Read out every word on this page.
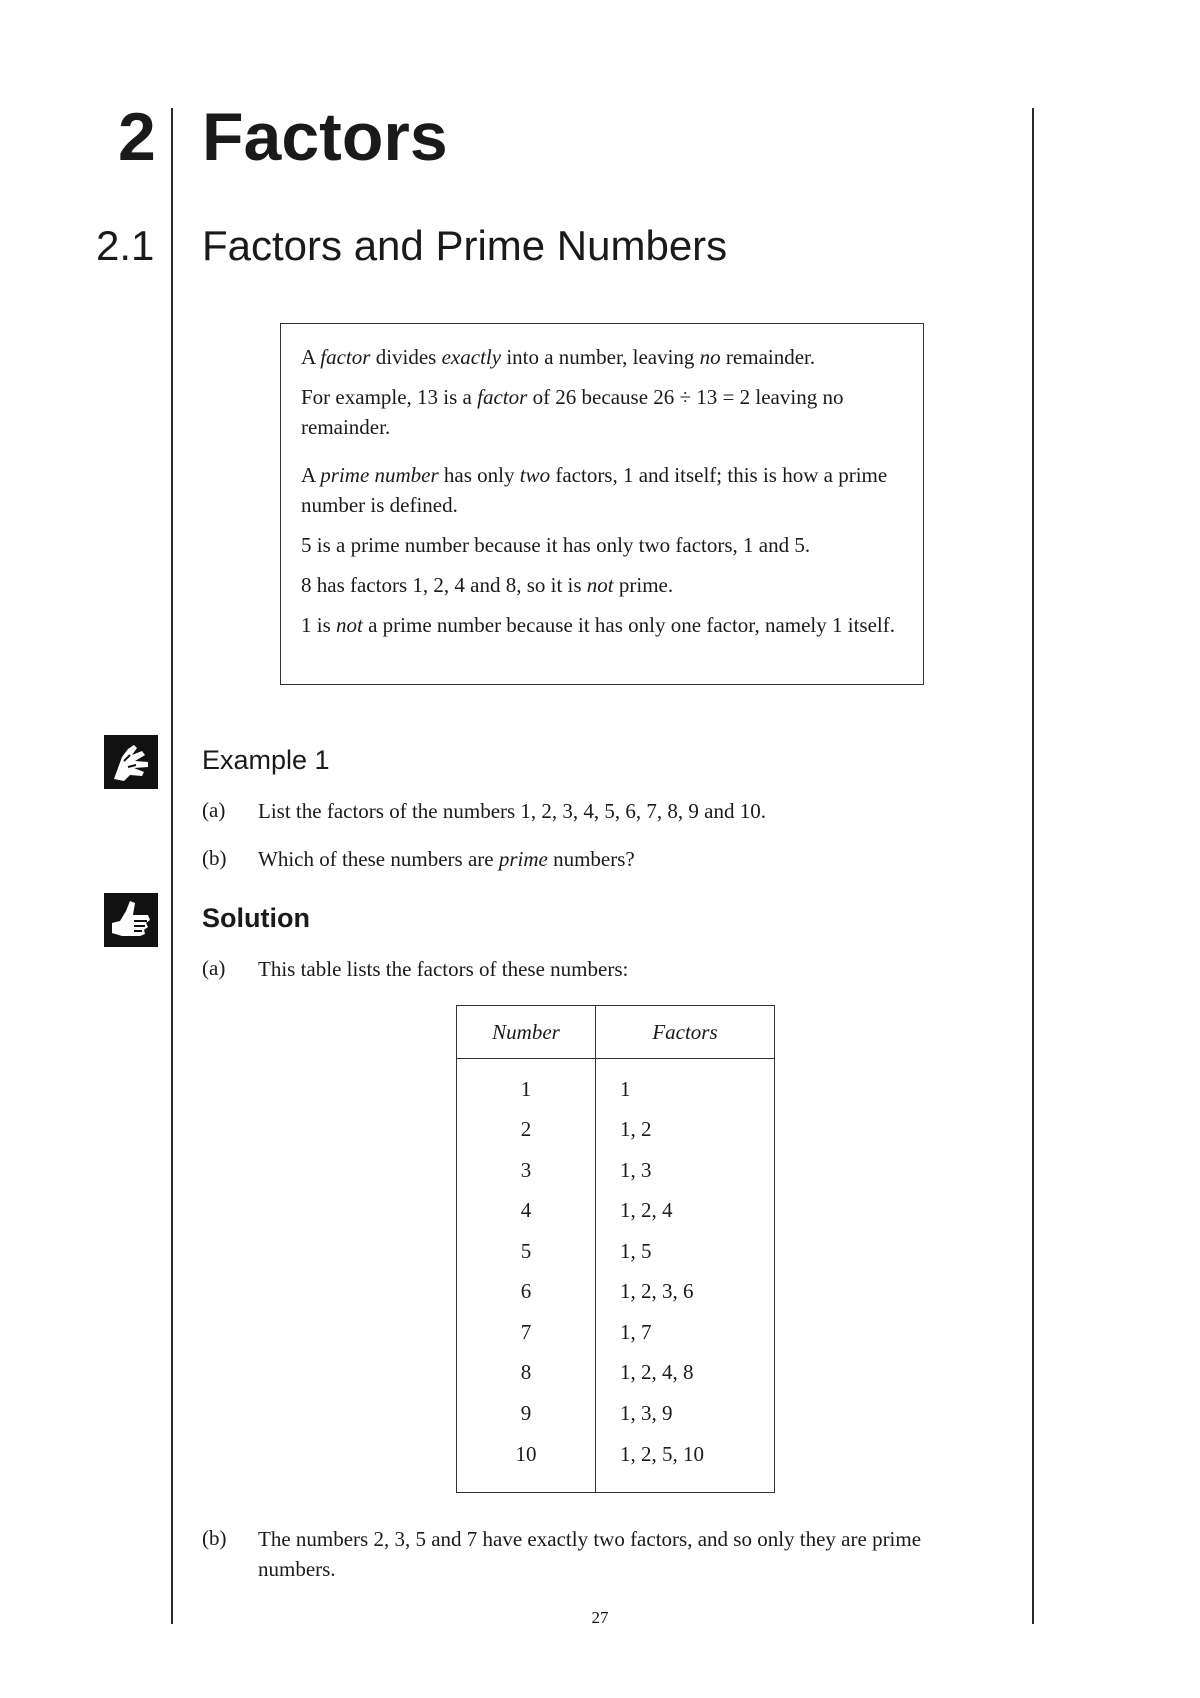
2 Factors
2.1 Factors and Prime Numbers

A factor divides exactly into a number, leaving no remainder.

For example, 13 is a factor of 26 because 26 ÷ 13 = 2 leaving no remainder.

A prime number has only two factors, 1 and itself; this is how a prime number is defined.

5 is a prime number because it has only two factors, 1 and 5.

8 has factors 1, 2, 4 and 8, so it is not prime.

1 is not a prime number because it has only one factor, namely 1 itself.

Example 1
(a) List the factors of the numbers 1, 2, 3, 4, 5, 6, 7, 8, 9 and 10.
(b) Which of these numbers are prime numbers?
Solution
(a) This table lists the factors of these numbers:
Number	Factors
1	1
2	1, 2
3	1, 3
4	1, 2, 4
5	1, 5
6	1, 2, 3, 6
7	1, 7
8	1, 2, 4, 8
9	1, 3, 9
10	1, 2, 5, 10
(b) The numbers 2, 3, 5 and 7 have exactly two factors, and so only they are prime numbers.
27
